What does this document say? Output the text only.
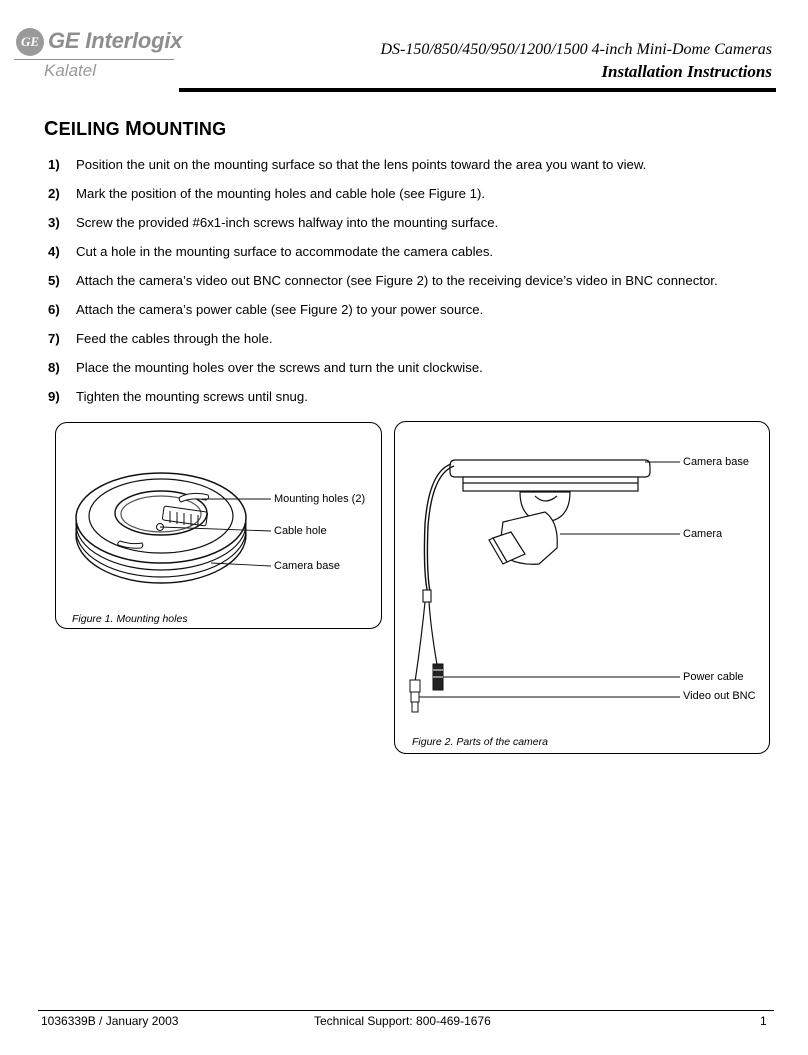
GE GE Interlogix
Kalatel
DS-150/850/450/950/1200/1500 4-inch Mini-Dome Cameras
Installation Instructions
CEILING MOUNTING
1) Position the unit on the mounting surface so that the lens points toward the area you want to view.
2) Mark the position of the mounting holes and cable hole (see Figure 1).
3) Screw the provided #6x1-inch screws halfway into the mounting surface.
4) Cut a hole in the mounting surface to accommodate the camera cables.
5) Attach the camera’s video out BNC connector (see Figure 2) to the receiving device’s video in BNC connector.
6) Attach the camera’s power cable (see Figure 2) to your power source.
7) Feed the cables through the hole.
8) Place the mounting holes over the screws and turn the unit clockwise.
9) Tighten the mounting screws until snug.
Mounting holes (2)
Cable hole
Camera base
Figure 1. Mounting holes
Camera base
Camera
Power cable
Video out BNC
Figure 2. Parts of the camera
1036339B / January 2003	Technical Support: 800-469-1676	1
